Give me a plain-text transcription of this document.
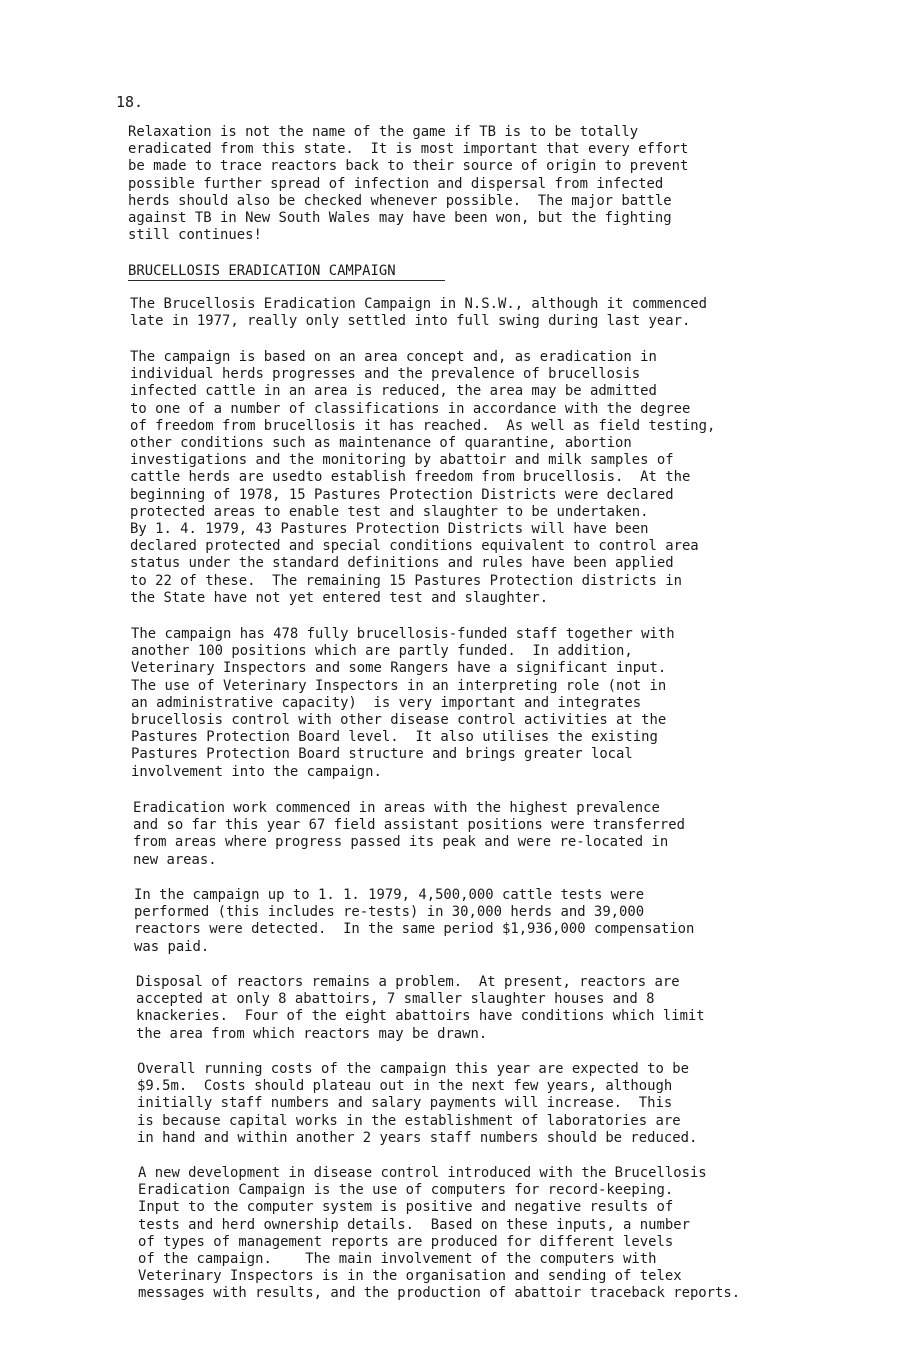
18.
Relaxation is not the name of the game if TB is to be totally
eradicated from this state.  It is most important that every effort
be made to trace reactors back to their source of origin to prevent
possible further spread of infection and dispersal from infected
herds should also be checked whenever possible.  The major battle
against TB in New South Wales may have been won, but the fighting
still continues!
BRUCELLOSIS ERADICATION CAMPAIGN
The Brucellosis Eradication Campaign in N.S.W., although it commenced
late in 1977, really only settled into full swing during last year.
The campaign is based on an area concept and, as eradication in
individual herds progresses and the prevalence of brucellosis
infected cattle in an area is reduced, the area may be admitted
to one of a number of classifications in accordance with the degree
of freedom from brucellosis it has reached.  As well as field testing,
other conditions such as maintenance of quarantine, abortion
investigations and the monitoring by abattoir and milk samples of
cattle herds are usedto establish freedom from brucellosis.  At the
beginning of 1978, 15 Pastures Protection Districts were declared
protected areas to enable test and slaughter to be undertaken.
By 1. 4. 1979, 43 Pastures Protection Districts will have been
declared protected and special conditions equivalent to control area
status under the standard definitions and rules have been applied
to 22 of these.  The remaining 15 Pastures Protection districts in
the State have not yet entered test and slaughter.
The campaign has 478 fully brucellosis-funded staff together with
another 100 positions which are partly funded.  In addition,
Veterinary Inspectors and some Rangers have a significant input.
The use of Veterinary Inspectors in an interpreting role (not in
an administrative capacity)  is very important and integrates
brucellosis control with other disease control activities at the
Pastures Protection Board level.  It also utilises the existing
Pastures Protection Board structure and brings greater local
involvement into the campaign.
Eradication work commenced in areas with the highest prevalence
and so far this year 67 field assistant positions were transferred
from areas where progress passed its peak and were re-located in
new areas.
In the campaign up to 1. 1. 1979, 4,500,000 cattle tests were
performed (this includes re-tests) in 30,000 herds and 39,000
reactors were detected.  In the same period $1,936,000 compensation
was paid.
Disposal of reactors remains a problem.  At present, reactors are
accepted at only 8 abattoirs, 7 smaller slaughter houses and 8
knackeries.  Four of the eight abattoirs have conditions which limit
the area from which reactors may be drawn.
Overall running costs of the campaign this year are expected to be
$9.5m.  Costs should plateau out in the next few years, although
initially staff numbers and salary payments will increase.  This
is because capital works in the establishment of laboratories are
in hand and within another 2 years staff numbers should be reduced.
A new development in disease control introduced with the Brucellosis
Eradication Campaign is the use of computers for record-keeping.
Input to the computer system is positive and negative results of
tests and herd ownership details.  Based on these inputs, a number
of types of management reports are produced for different levels
of the campaign.    The main involvement of the computers with
Veterinary Inspectors is in the organisation and sending of telex
messages with results, and the production of abattoir traceback reports.
